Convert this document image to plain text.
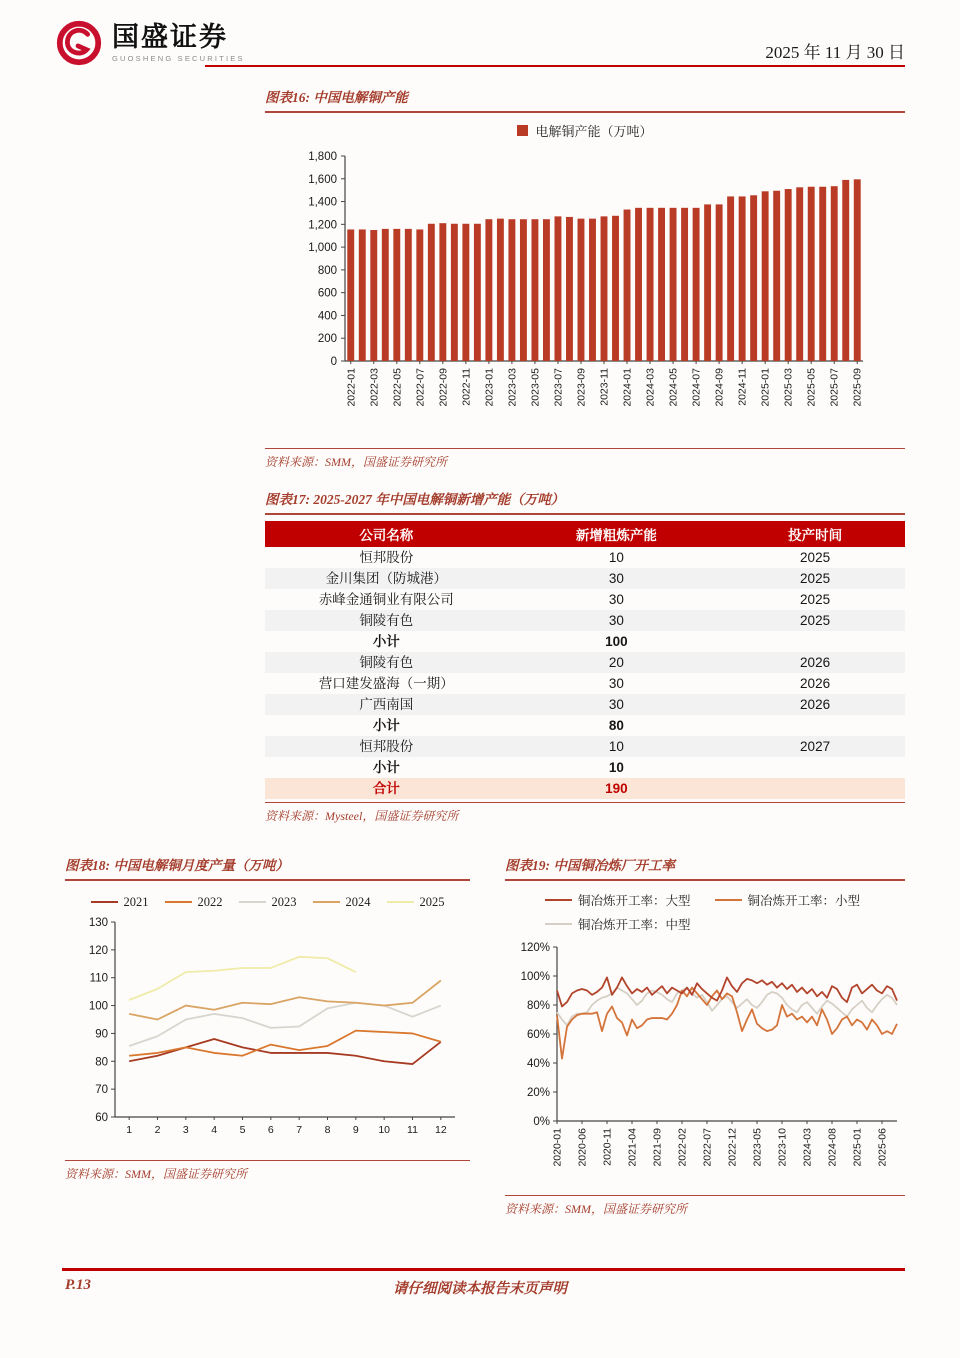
国盛证券
GUOSHENG SECURITIES	2025 年 11 月 30 日
图表16: 中国电解铜产能
电解铜产能（万吨）
0
200
400
600
800
1,000
1,200
1,400
1,600
1,800
2022-01 2022-03 2022-05 2022-07 2022-09 2022-11 2023-01 2023-03 2023-05 2023-07 2023-09 2023-11 2024-01 2024-03 2024-05 2024-07 2024-09 2024-11 2025-01 2025-03 2025-05 2025-07 2025-09
资料来源：SMM，国盛证券研究所
图表17: 2025-2027 年中国电解铜新增产能（万吨）
公司名称	新增粗炼产能	投产时间
恒邦股份	10	2025
金川集团（防城港）	30	2025
赤峰金通铜业有限公司	30	2025
铜陵有色	30	2025
小计	100	
铜陵有色	20	2026
营口建发盛海（一期）	30	2026
广西南国	30	2026
小计	80	
恒邦股份	10	2027
小计	10	
合计	190	
资料来源：Mysteel，国盛证券研究所
图表18: 中国电解铜月度产量（万吨）
2021	2022	2023	2024	2025
60
70
80
90
100
110
120
130
1 2 3 4 5 6 7 8 9 10 11 12
资料来源：SMM，国盛证券研究所
图表19: 中国铜冶炼厂开工率
铜冶炼开工率：大型	铜冶炼开工率：小型
铜冶炼开工率：中型
0%
20%
40%
60%
80%
100%
120%
2020-01 2020-06 2020-11 2021-04 2021-09 2022-02 2022-07 2022-12 2023-05 2023-10 2024-03 2024-08 2025-01 2025-06
资料来源：SMM，国盛证券研究所
P.13	请仔细阅读本报告末页声明
